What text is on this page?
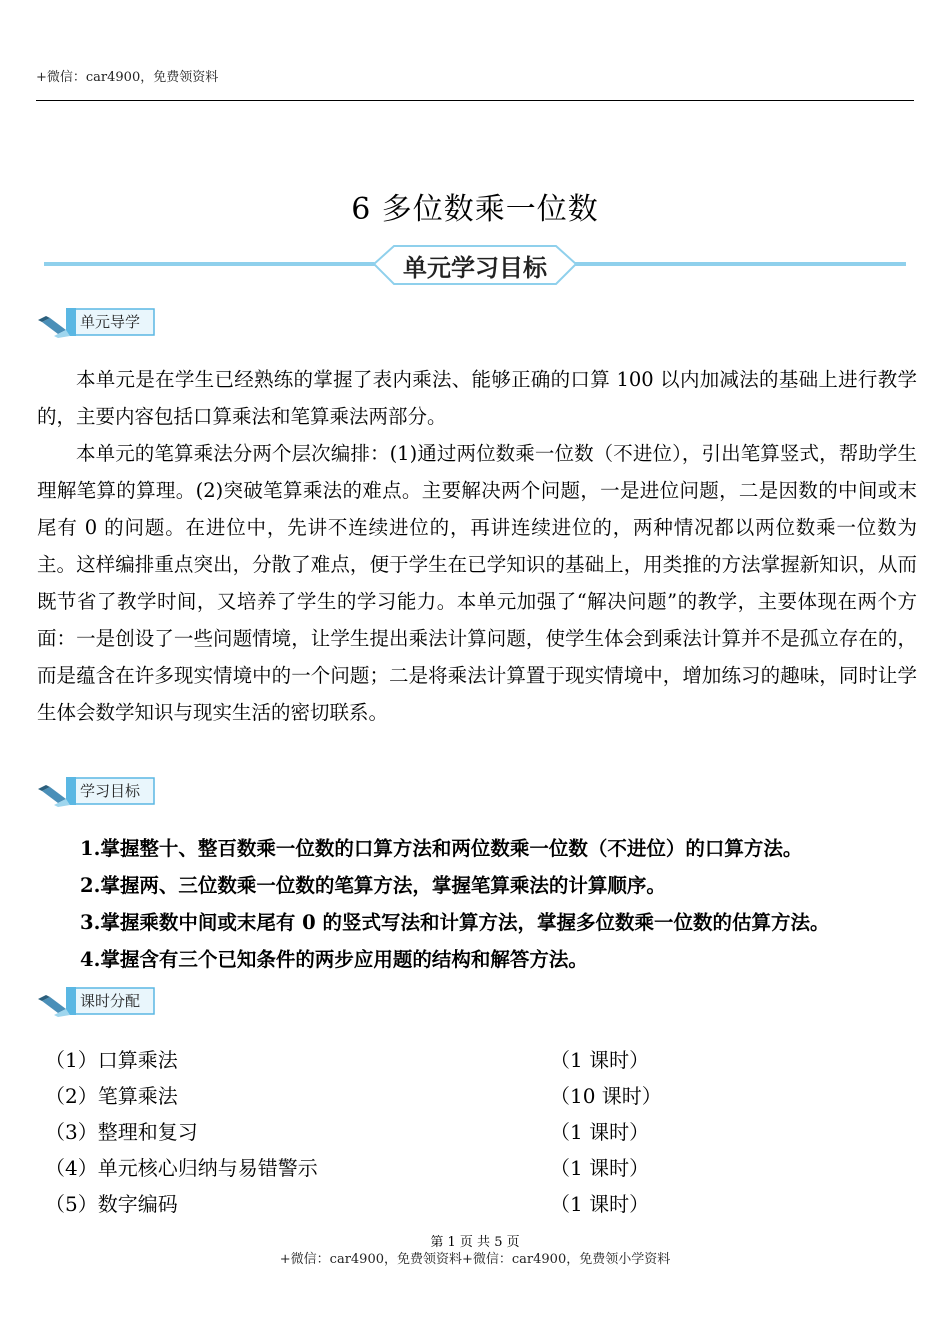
+微信：car4900，免费领资料
6 多位数乘一位数
单元学习目标
单元导学

本单元是在学生已经熟练的掌握了表内乘法、能够正确的口算 100 以内加减法的基础上进行教学的，主要内容包括口算乘法和笔算乘法两部分。

本单元的笔算乘法分两个层次编排：(1)通过两位数乘一位数（不进位），引出笔算竖式，帮助学生理解笔算的算理。(2)突破笔算乘法的难点。主要解决两个问题，一是进位问题，二是因数的中间或末尾有 0 的问题。在进位中，先讲不连续进位的，再讲连续进位的，两种情况都以两位数乘一位数为主。这样编排重点突出，分散了难点，便于学生在已学知识的基础上，用类推的方法掌握新知识，从而既节省了教学时间，又培养了学生的学习能力。本单元加强了“解决问题”的教学，主要体现在两个方面：一是创设了一些问题情境，让学生提出乘法计算问题，使学生体会到乘法计算并不是孤立存在的，而是蕴含在许多现实情境中的一个问题；二是将乘法计算置于现实情境中，增加练习的趣味，同时让学生体会数学知识与现实生活的密切联系。

学习目标
1.掌握整十、整百数乘一位数的口算方法和两位数乘一位数（不进位）的口算方法。
2.掌握两、三位数乘一位数的笔算方法，掌握笔算乘法的计算顺序。
3.掌握乘数中间或末尾有 0 的竖式写法和计算方法，掌握多位数乘一位数的估算方法。
4.掌握含有三个已知条件的两步应用题的结构和解答方法。
课时分配
（1）口算乘法	（1 课时）
（2）笔算乘法	（10 课时）
（3）整理和复习	（1 课时）
（4）单元核心归纳与易错警示	（1 课时）
（5）数字编码	（1 课时）
第 1 页 共 5 页
+微信：car4900，免费领资料+微信：car4900，免费领小学资料
